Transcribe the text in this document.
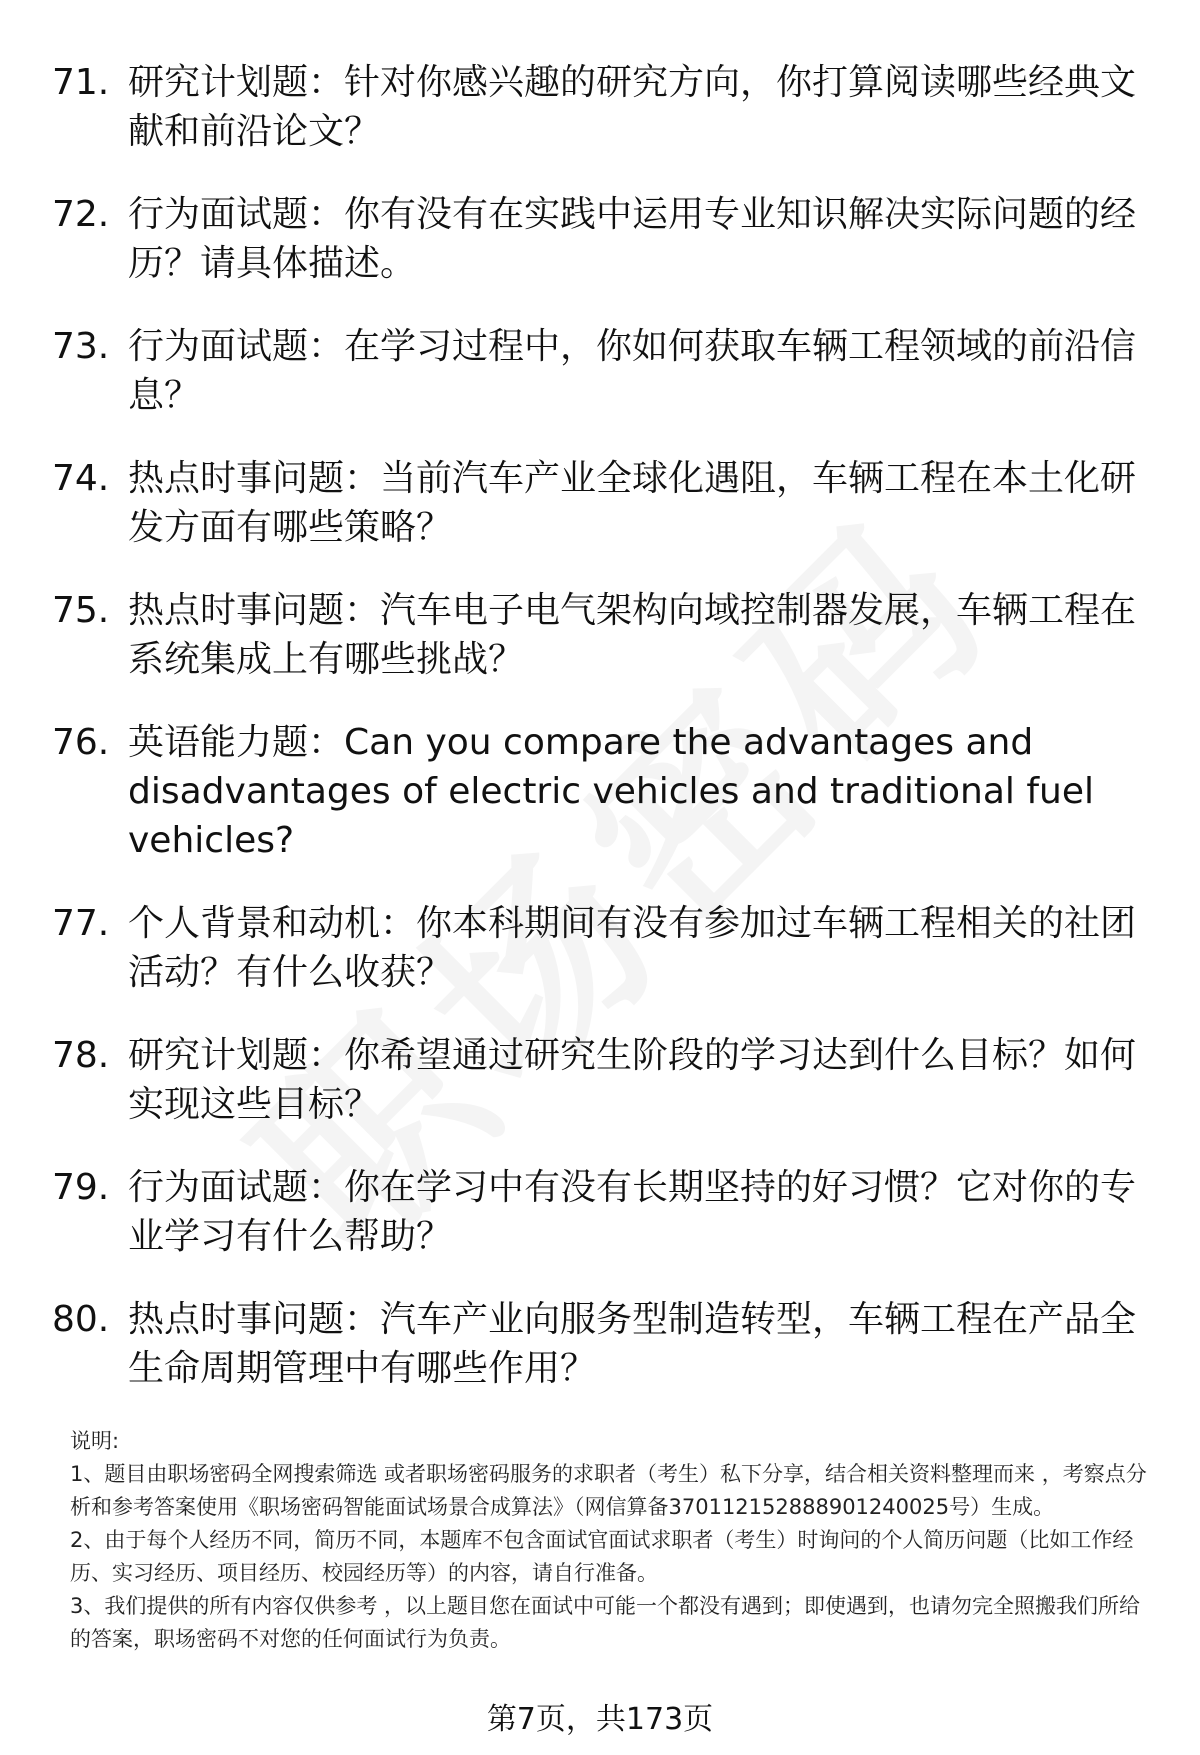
71. 研究计划题：针对你感兴趣的研究方向，你打算阅读哪些经典文献和前沿论文？
72. 行为面试题：你有没有在实践中运用专业知识解决实际问题的经历？请具体描述。
73. 行为面试题：在学习过程中，你如何获取车辆工程领域的前沿信息？
74. 热点时事问题：当前汽车产业全球化遇阻，车辆工程在本土化研发方面有哪些策略？
75. 热点时事问题：汽车电子电气架构向域控制器发展，车辆工程在系统集成上有哪些挑战？
76. 英语能力题：Can you compare the advantages and disadvantages of electric vehicles and traditional fuel vehicles?
77. 个人背景和动机：你本科期间有没有参加过车辆工程相关的社团活动？有什么收获？
78. 研究计划题：你希望通过研究生阶段的学习达到什么目标？如何实现这些目标？
79. 行为面试题：你在学习中有没有长期坚持的好习惯？它对你的专业学习有什么帮助？
80. 热点时事问题：汽车产业向服务型制造转型，车辆工程在产品全生命周期管理中有哪些作用？

说明:

1、题目由职场密码全网搜索筛选 或者职场密码服务的求职者（考生）私下分享，结合相关资料整理而来 ，考察点分析和参考答案使用《职场密码智能面试场景合成算法》（网信算备370112152888901240025号）生成。

2、由于每个人经历不同，简历不同，本题库不包含面试官面试求职者（考生）时询问的个人简历问题（比如工作经历、实习经历、项目经历、校园经历等）的内容，请自行准备。

3、我们提供的所有内容仅供参考 ，以上题目您在面试中可能一个都没有遇到；即使遇到，也请勿完全照搬我们所给的答案，职场密码不对您的任何面试行为负责。

第7页，共173页
